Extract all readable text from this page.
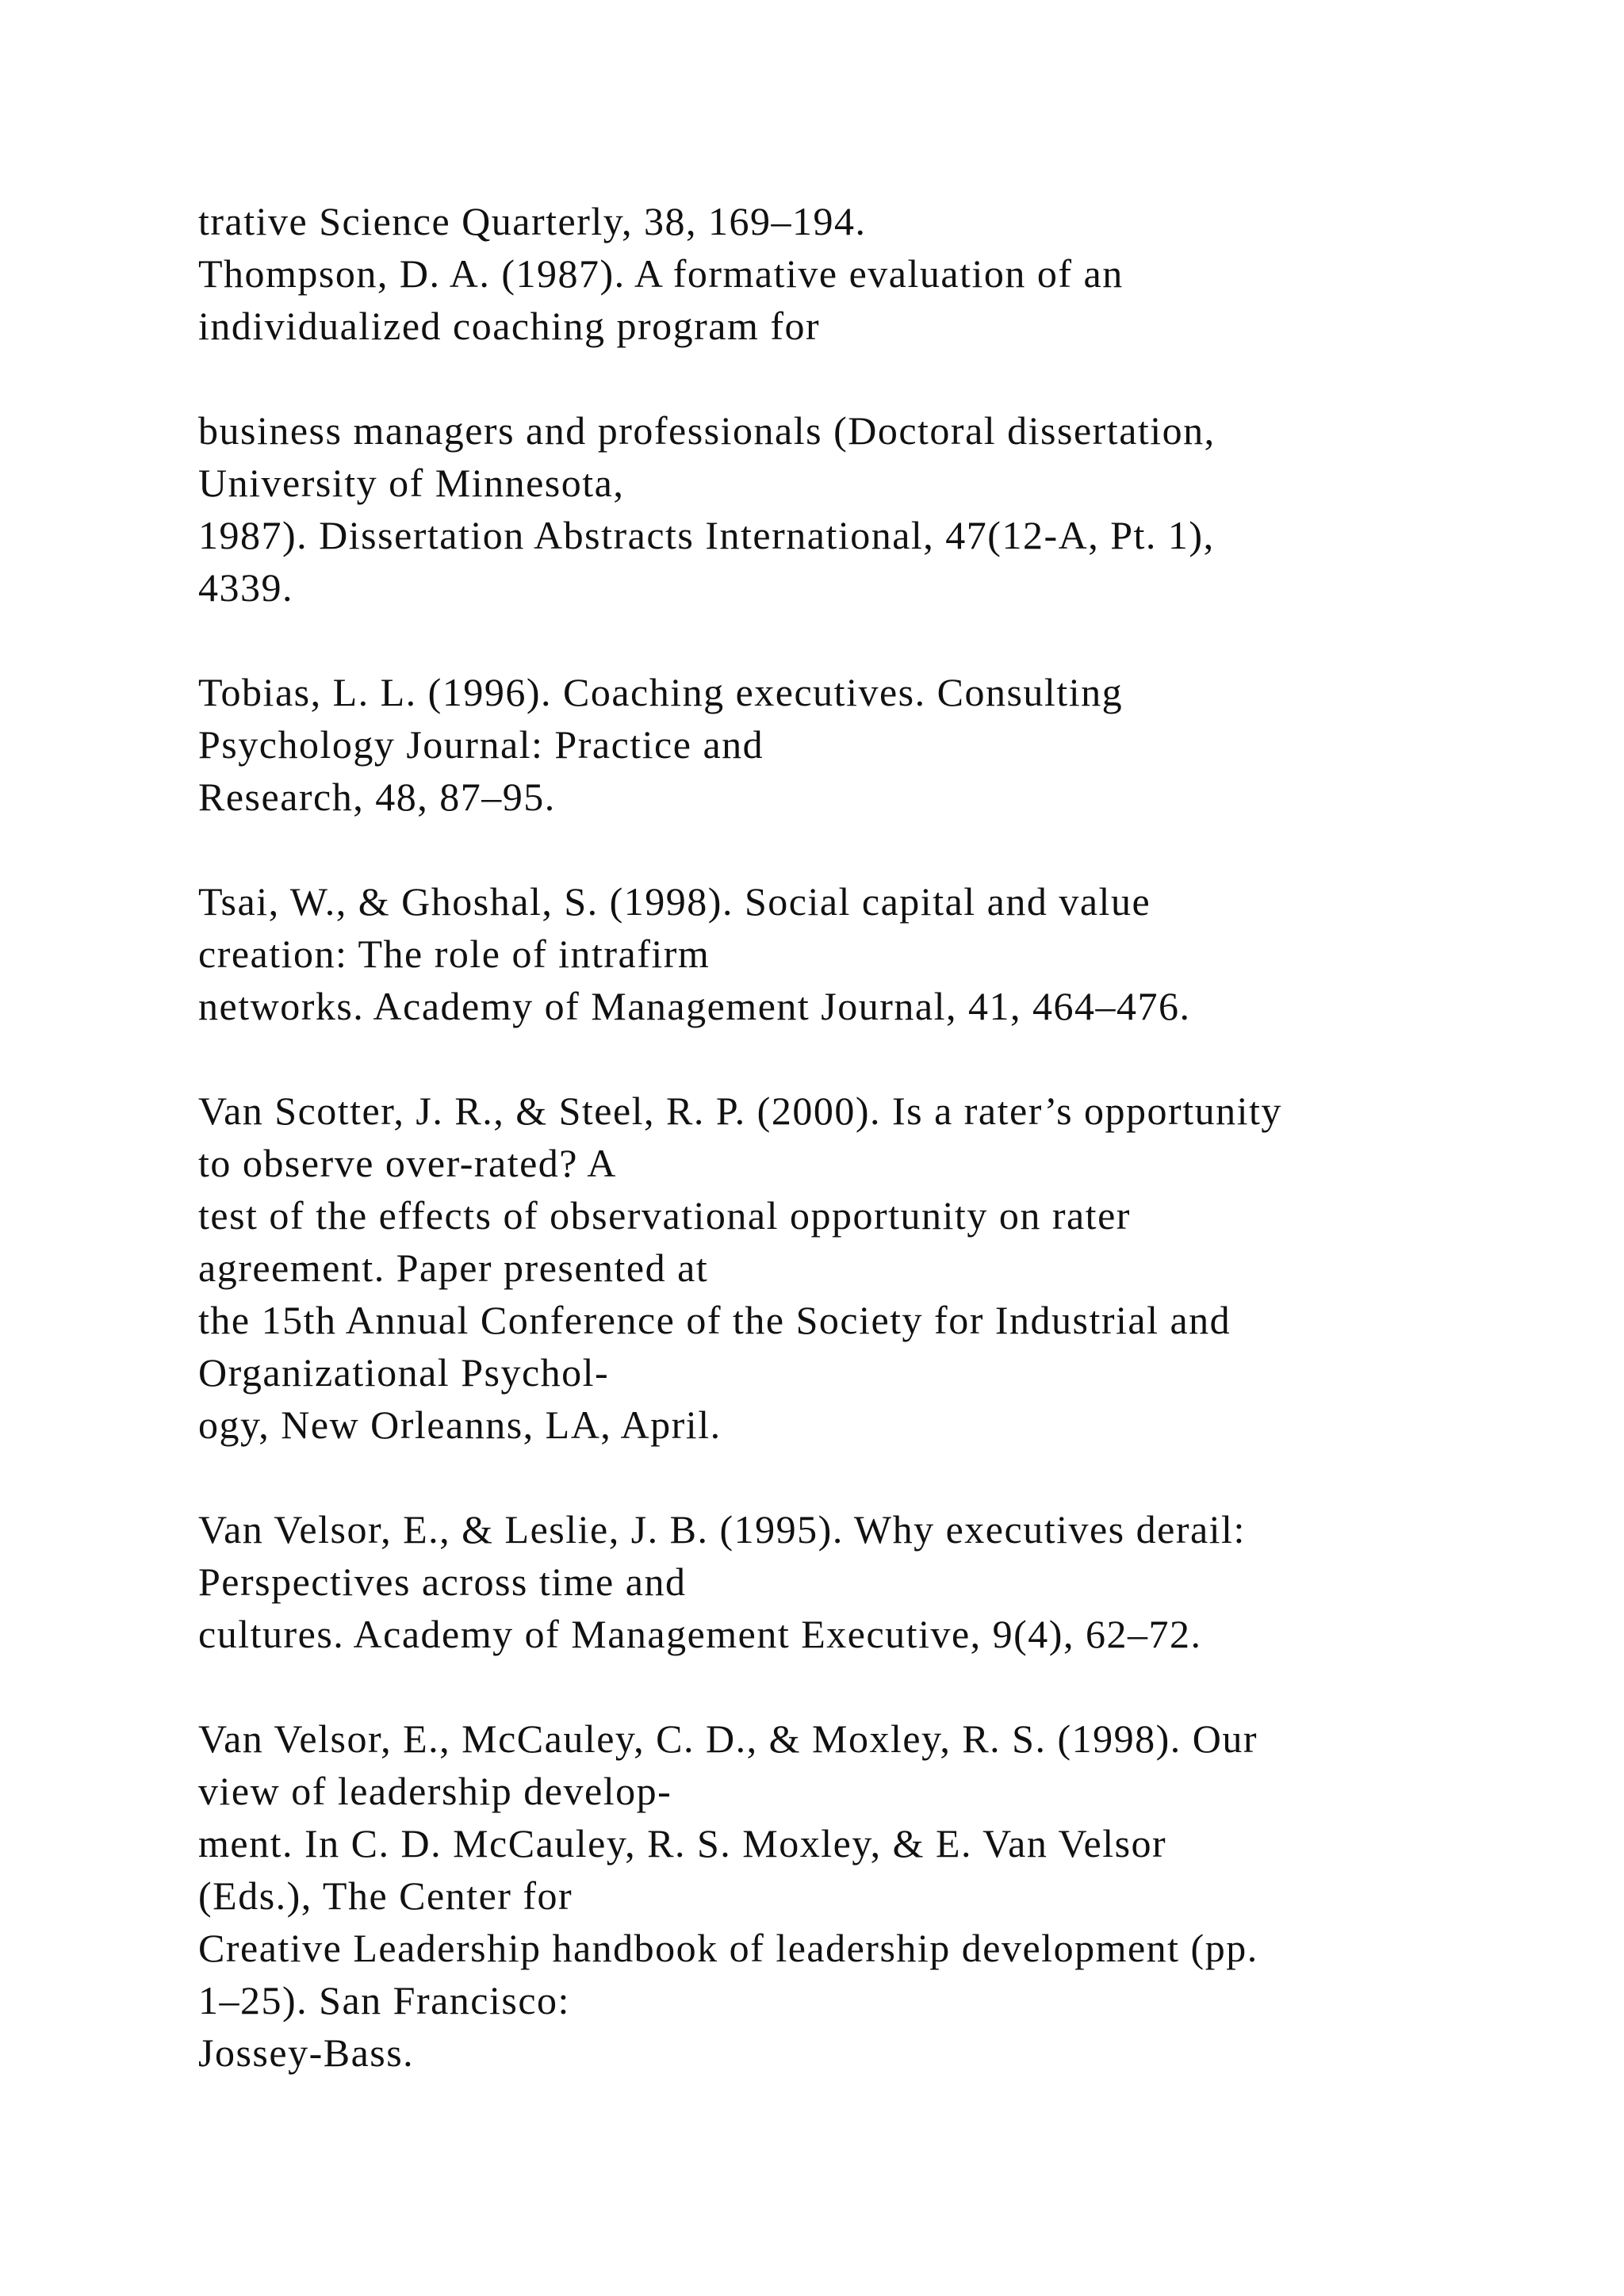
trative Science Quarterly, 38, 169–194.
Thompson, D. A. (1987). A formative evaluation of an
individualized coaching program for
business managers and professionals (Doctoral dissertation,
University of Minnesota,
1987). Dissertation Abstracts International, 47(12-A, Pt. 1),
4339.
Tobias, L. L. (1996). Coaching executives. Consulting
Psychology Journal: Practice and
Research, 48, 87–95.
Tsai, W., & Ghoshal, S. (1998). Social capital and value
creation: The role of intrafirm
networks. Academy of Management Journal, 41, 464–476.
Van Scotter, J. R., & Steel, R. P. (2000). Is a rater’s opportunity
to observe over-rated? A
test of the effects of observational opportunity on rater
agreement. Paper presented at
the 15th Annual Conference of the Society for Industrial and
Organizational Psychol-
ogy, New Orleanns, LA, April.
Van Velsor, E., & Leslie, J. B. (1995). Why executives derail:
Perspectives across time and
cultures. Academy of Management Executive, 9(4), 62–72.
Van Velsor, E., McCauley, C. D., & Moxley, R. S. (1998). Our
view of leadership develop-
ment. In C. D. McCauley, R. S. Moxley, & E. Van Velsor
(Eds.), The Center for
Creative Leadership handbook of leadership development (pp.
1–25). San Francisco:
Jossey-Bass.
